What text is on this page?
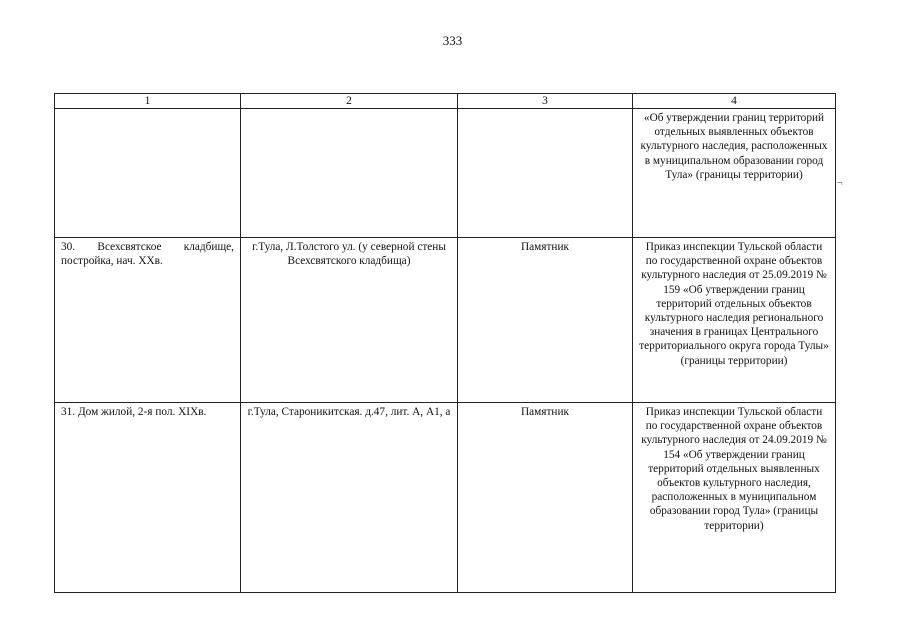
333
1	2	3	4
			«Об утверждении границ территорий отдельных выявленных объектов культурного наследия, расположенных в муниципальном образовании город Тула» (границы территории)
30. Всехсвятское кладбище, постройка, нач. XXв.	г.Тула, Л.Толстого ул. (у северной стены Всехсвятского кладбища)	Памятник	Приказ инспекции Тульской области по государственной охране объектов культурного наследия от 25.09.2019 № 159 «Об утверждении границ территорий отдельных объектов культурного наследия регионального значения в границах Центрального территориального округа города Тулы» (границы территории)
31. Дом жилой, 2-я пол. XIXв.	г.Тула, Староникитская. д.47, лит. А, А1, а	Памятник	Приказ инспекции Тульской области по государственной охране объектов культурного наследия от 24.09.2019 № 154 «Об утверждении границ территорий отдельных выявленных объектов культурного наследия, расположенных в муниципальном образовании город Тула» (границы территории)
¬
